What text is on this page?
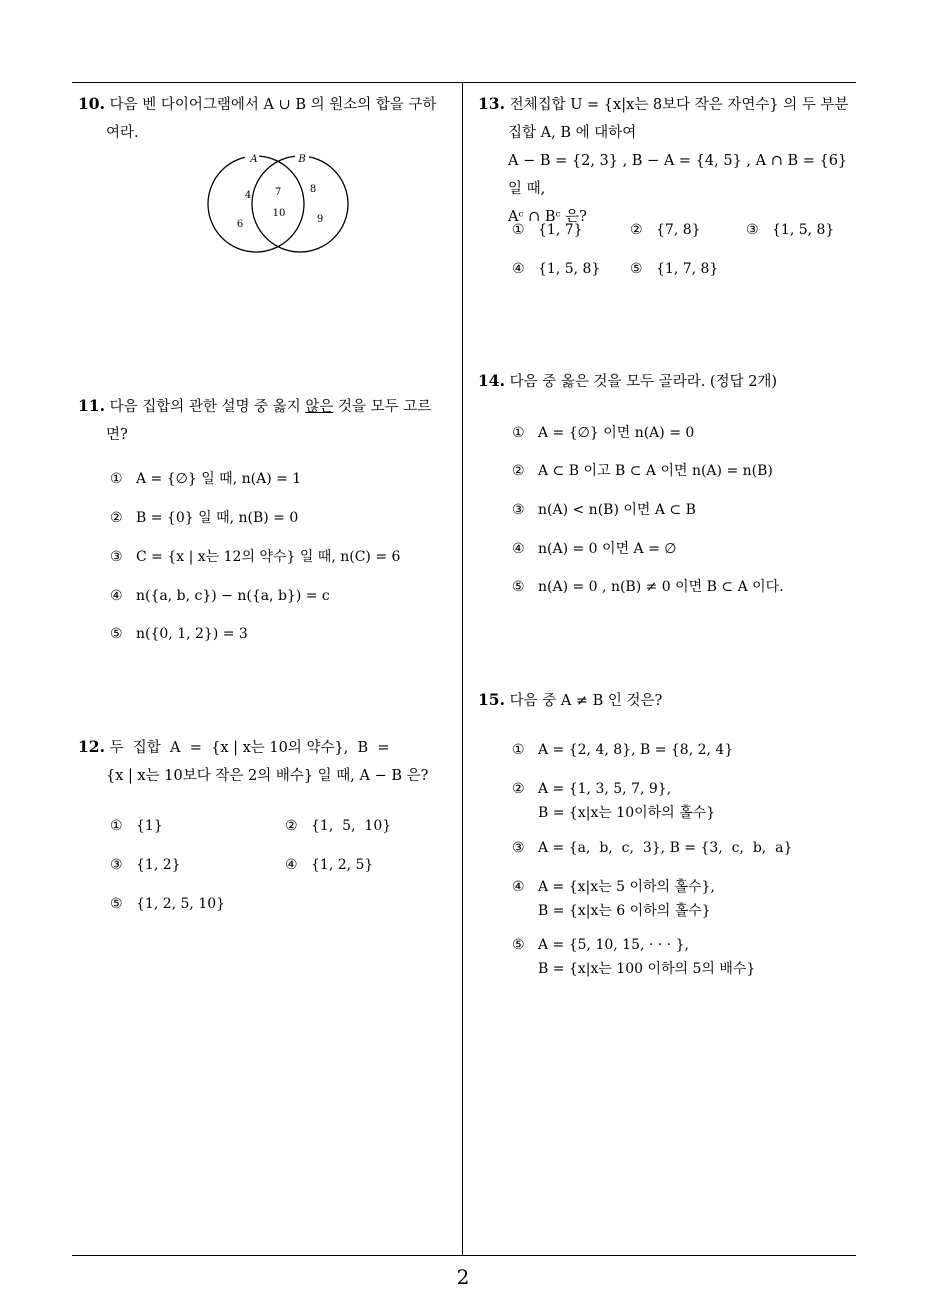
10. 다음 벤 다이어그램에서 A ∪ B 의 원소의 합을 구하
여라.
A	B
4
6
7
10
8
9
11. 다음 집합의 관한 설명 중 옳지 않은 것을 모두 고르
면?
① A = {∅} 일 때, n(A) = 1
② B = {0} 일 때, n(B) = 0
③ C = {x | x는 12의 약수} 일 때, n(C) = 6
④ n({a, b, c}) − n({a, b}) = c
⑤ n({0, 1, 2}) = 3
12. 두  집합  A  =  {x | x는 10의 약수},  B  =
{x | x는 10보다 작은 2의 배수} 일 때, A − B 은?
① {1}	② {1,  5,  10}
③ {1, 2}	④ {1, 2, 5}
⑤ {1, 2, 5, 10}
13. 전체집합 U = {x|x는 8보다 작은 자연수} 의 두 부분
집합 A, B 에 대하여
A − B = {2, 3} , B − A = {4, 5} , A ∩ B = {6} 일 때,
Aᶜ ∩ Bᶜ 은?
① {1, 7}	② {7, 8}	③ {1, 5, 8}
④ {1, 5, 8} ⑤ {1, 7, 8}
14. 다음 중 옳은 것을 모두 골라라. (정답 2개)
① A = {∅} 이면 n(A) = 0
② A ⊂ B 이고 B ⊂ A 이면 n(A) = n(B)
③ n(A) < n(B) 이면 A ⊂ B
④ n(A) = 0 이면 A = ∅
⑤ n(A) = 0 , n(B) ≠ 0 이면 B ⊂ A 이다.
15. 다음 중 A ≠ B 인 것은?
① A = {2, 4, 8}, B = {8, 2, 4}
② A = {1, 3, 5, 7, 9},
B = {x|x는 10이하의 홀수}
③ A = {a,  b,  c,  3}, B = {3,  c,  b,  a}
④ A = {x|x는 5 이하의 홀수},
B = {x|x는 6 이하의 홀수}
⑤ A = {5, 10, 15, · · · },
B = {x|x는 100 이하의 5의 배수}
2
